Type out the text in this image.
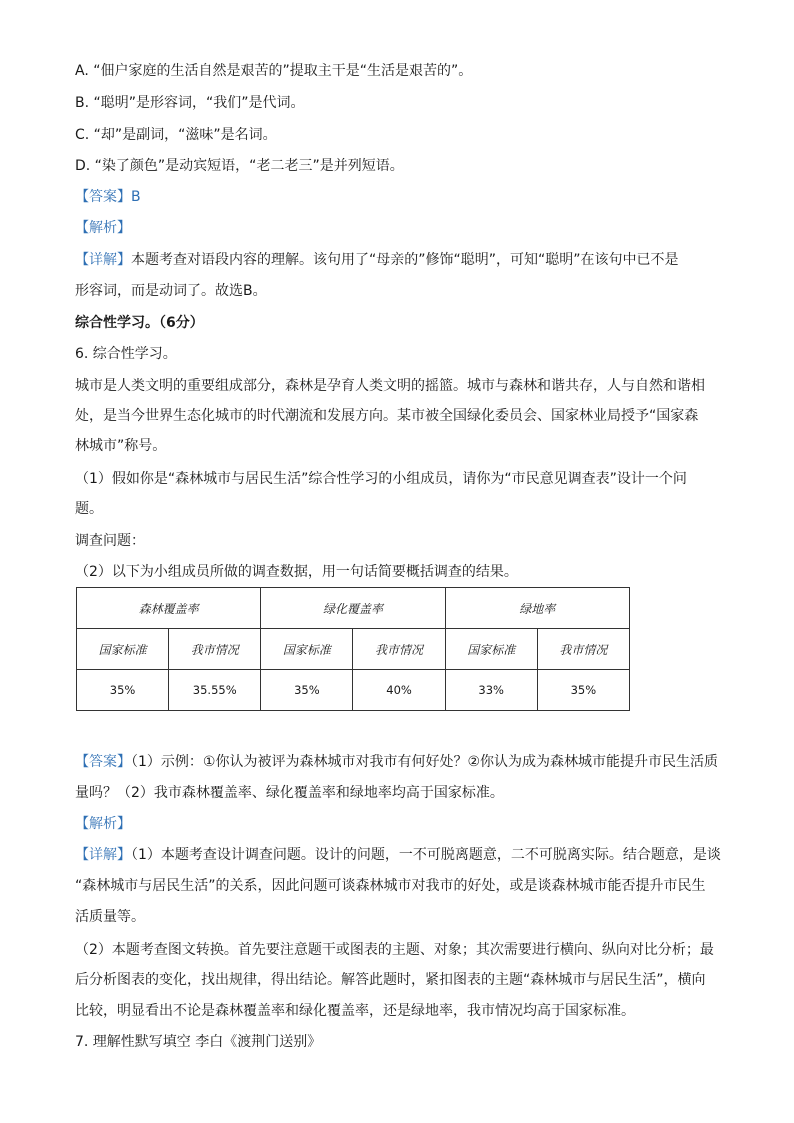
A. “佃户家庭的生活自然是艰苦的”提取主干是“生活是艰苦的”。
B. “聪明”是形容词，“我们”是代词。
C. “却”是副词，“滋味”是名词。
D. “染了颜色”是动宾短语，“老二老三”是并列短语。
【答案】B
【解析】
【详解】本题考查对语段内容的理解。该句用了“母亲的”修饰“聪明”，可知“聪明”在该句中已不是
形容词，而是动词了。故选B。
综合性学习。（6分）
6. 综合性学习。
城市是人类文明的重要组成部分，森林是孕育人类文明的摇篮。城市与森林和谐共存，人与自然和谐相
处，是当今世界生态化城市的时代潮流和发展方向。某市被全国绿化委员会、国家林业局授予“国家森
林城市”称号。
（1）假如你是“森林城市与居民生活”综合性学习的小组成员，请你为“市民意见调查表”设计一个问
题。
调查问题：
（2）以下为小组成员所做的调查数据，用一句话简要概括调查的结果。
森林覆盖率		绿化覆盖率		绿地率	
国家标准	我市情况	国家标准	我市情况	国家标准	我市情况
35%	35.55%	35%	40%	33%	35%
【答案】（1）示例：①你认为被评为森林城市对我市有何好处？②你认为成为森林城市能提升市民生活质
量吗？（2）我市森林覆盖率、绿化覆盖率和绿地率均高于国家标准。
【解析】
【详解】（1）本题考查设计调查问题。设计的问题，一不可脱离题意，二不可脱离实际。结合题意，是谈
“森林城市与居民生活”的关系，因此问题可谈森林城市对我市的好处，或是谈森林城市能否提升市民生
活质量等。
（2）本题考查图文转换。首先要注意题干或图表的主题、对象；其次需要进行横向、纵向对比分析；最
后分析图表的变化，找出规律，得出结论。解答此题时，紧扣图表的主题“森林城市与居民生活”，横向
比较，明显看出不论是森林覆盖率和绿化覆盖率，还是绿地率，我市情况均高于国家标准。
7. 理解性默写填空 李白《渡荆门送别》
